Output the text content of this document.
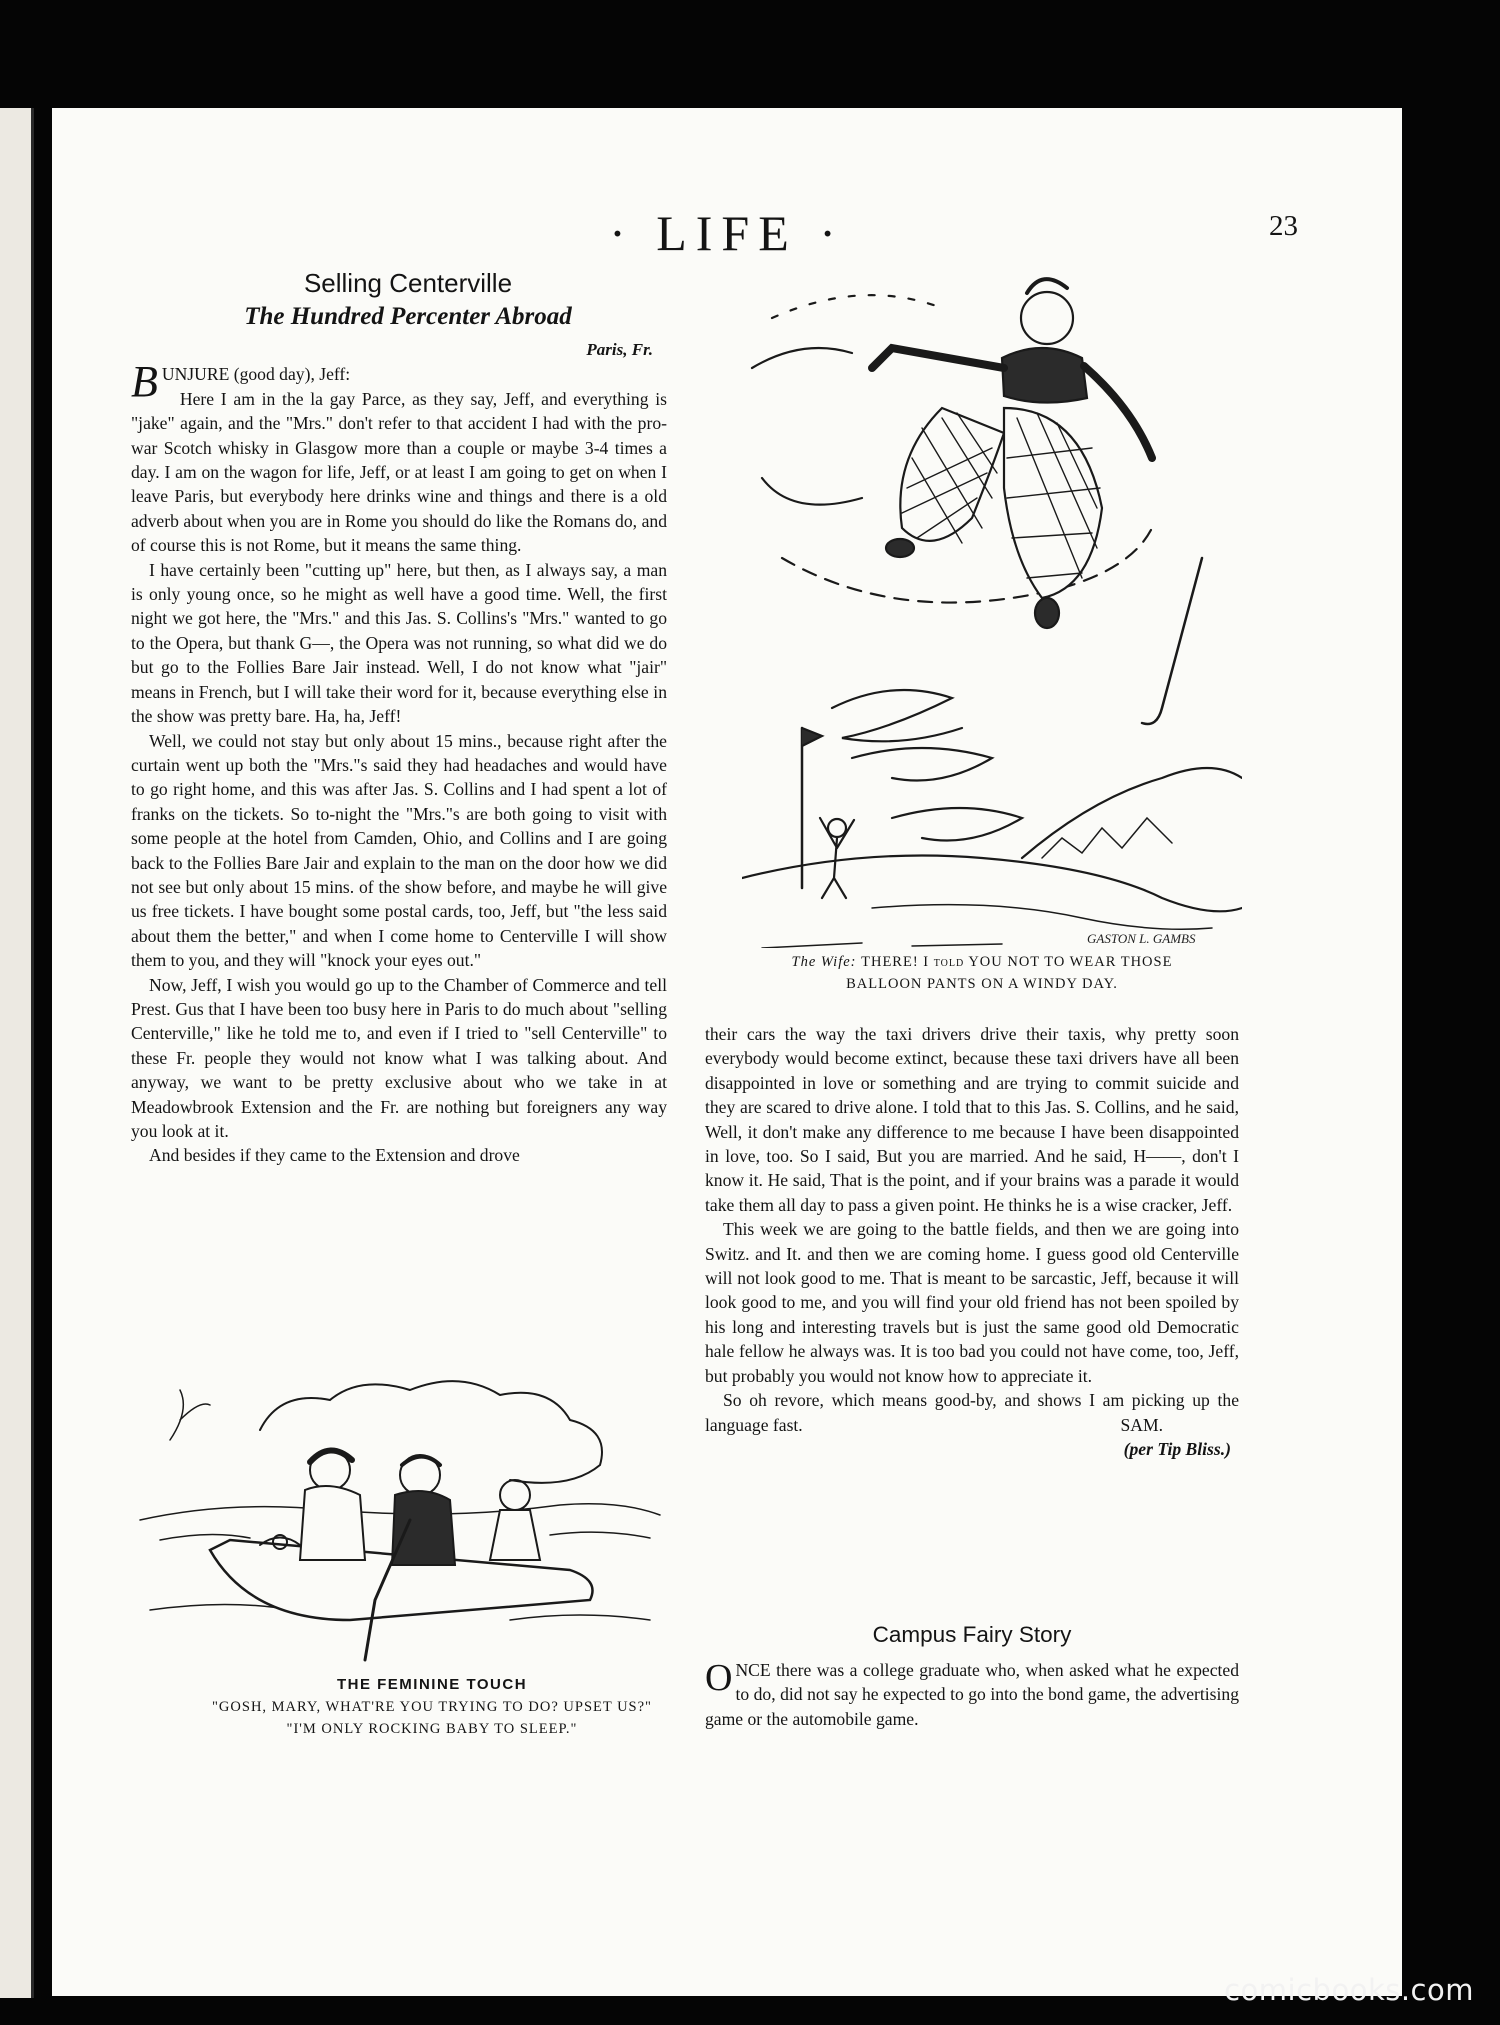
· LIFE ·	23

Selling Centerville

The Hundred Percenter Abroad

Paris, Fr.

BUNJURE (good day), Jeff:

Here I am in the la gay Parce, as they say, Jeff, and everything is "jake" again, and the "Mrs." don't refer to that accident I had with the pro-war Scotch whisky in Glasgow more than a couple or maybe 3-4 times a day. I am on the wagon for life, Jeff, or at least I am going to get on when I leave Paris, but everybody here drinks wine and things and there is a old adverb about when you are in Rome you should do like the Romans do, and of course this is not Rome, but it means the same thing.

I have certainly been "cutting up" here, but then, as I always say, a man is only young once, so he might as well have a good time. Well, the first night we got here, the "Mrs." and this Jas. S. Collins's "Mrs." wanted to go to the Opera, but thank G—, the Opera was not running, so what did we do but go to the Follies Bare Jair instead. Well, I do not know what "jair" means in French, but I will take their word for it, because everything else in the show was pretty bare. Ha, ha, Jeff!

Well, we could not stay but only about 15 mins., because right after the curtain went up both the "Mrs."s said they had headaches and would have to go right home, and this was after Jas. S. Collins and I had spent a lot of franks on the tickets. So to-night the "Mrs."s are both going to visit with some people at the hotel from Camden, Ohio, and Collins and I are going back to the Follies Bare Jair and explain to the man on the door how we did not see but only about 15 mins. of the show before, and maybe he will give us free tickets. I have bought some postal cards, too, Jeff, but "the less said about them the better," and when I come home to Centerville I will show them to you, and they will "knock your eyes out."

Now, Jeff, I wish you would go up to the Chamber of Commerce and tell Prest. Gus that I have been too busy here in Paris to do much about "selling Centerville," like he told me to, and even if I tried to "sell Centerville" to these Fr. people they would not know what I was talking about. And anyway, we want to be pretty exclusive about who we take in at Meadowbrook Extension and the Fr. are nothing but foreigners any way you look at it.

And besides if they came to the Extension and drove

GASTON L. GAMBS
The Wife: THERE! I told YOU NOT TO WEAR THOSE
BALLOON PANTS ON A WINDY DAY.

their cars the way the taxi drivers drive their taxis, why pretty soon everybody would become extinct, because these taxi drivers have all been disappointed in love or something and are trying to commit suicide and they are scared to drive alone. I told that to this Jas. S. Collins, and he said, Well, it don't make any difference to me because I have been disappointed in love, too. So I said, But you are married. And he said, H——, don't I know it. He said, That is the point, and if your brains was a parade it would take them all day to pass a given point. He thinks he is a wise cracker, Jeff.

This week we are going to the battle fields, and then we are going into Switz. and It. and then we are coming home. I guess good old Centerville will not look good to me. That is meant to be sarcastic, Jeff, because it will look good to me, and you will find your old friend has not been spoiled by his long and interesting travels but is just the same good old Democratic hale fellow he always was. It is too bad you could not have come, too, Jeff, but probably you would not know how to appreciate it.

So oh revore, which means good-by, and shows I am picking up the language fast.	SAM.

(per Tip Bliss.)

THE FEMININE TOUCH
"GOSH, MARY, WHAT'RE YOU TRYING TO DO? UPSET US?"
"I'M ONLY ROCKING BABY TO SLEEP."
Campus Fairy Story

ONCE there was a college graduate who, when asked what he expected to do, did not say he expected to go into the bond game, the advertising game or the automobile game.

comicbooks.com
